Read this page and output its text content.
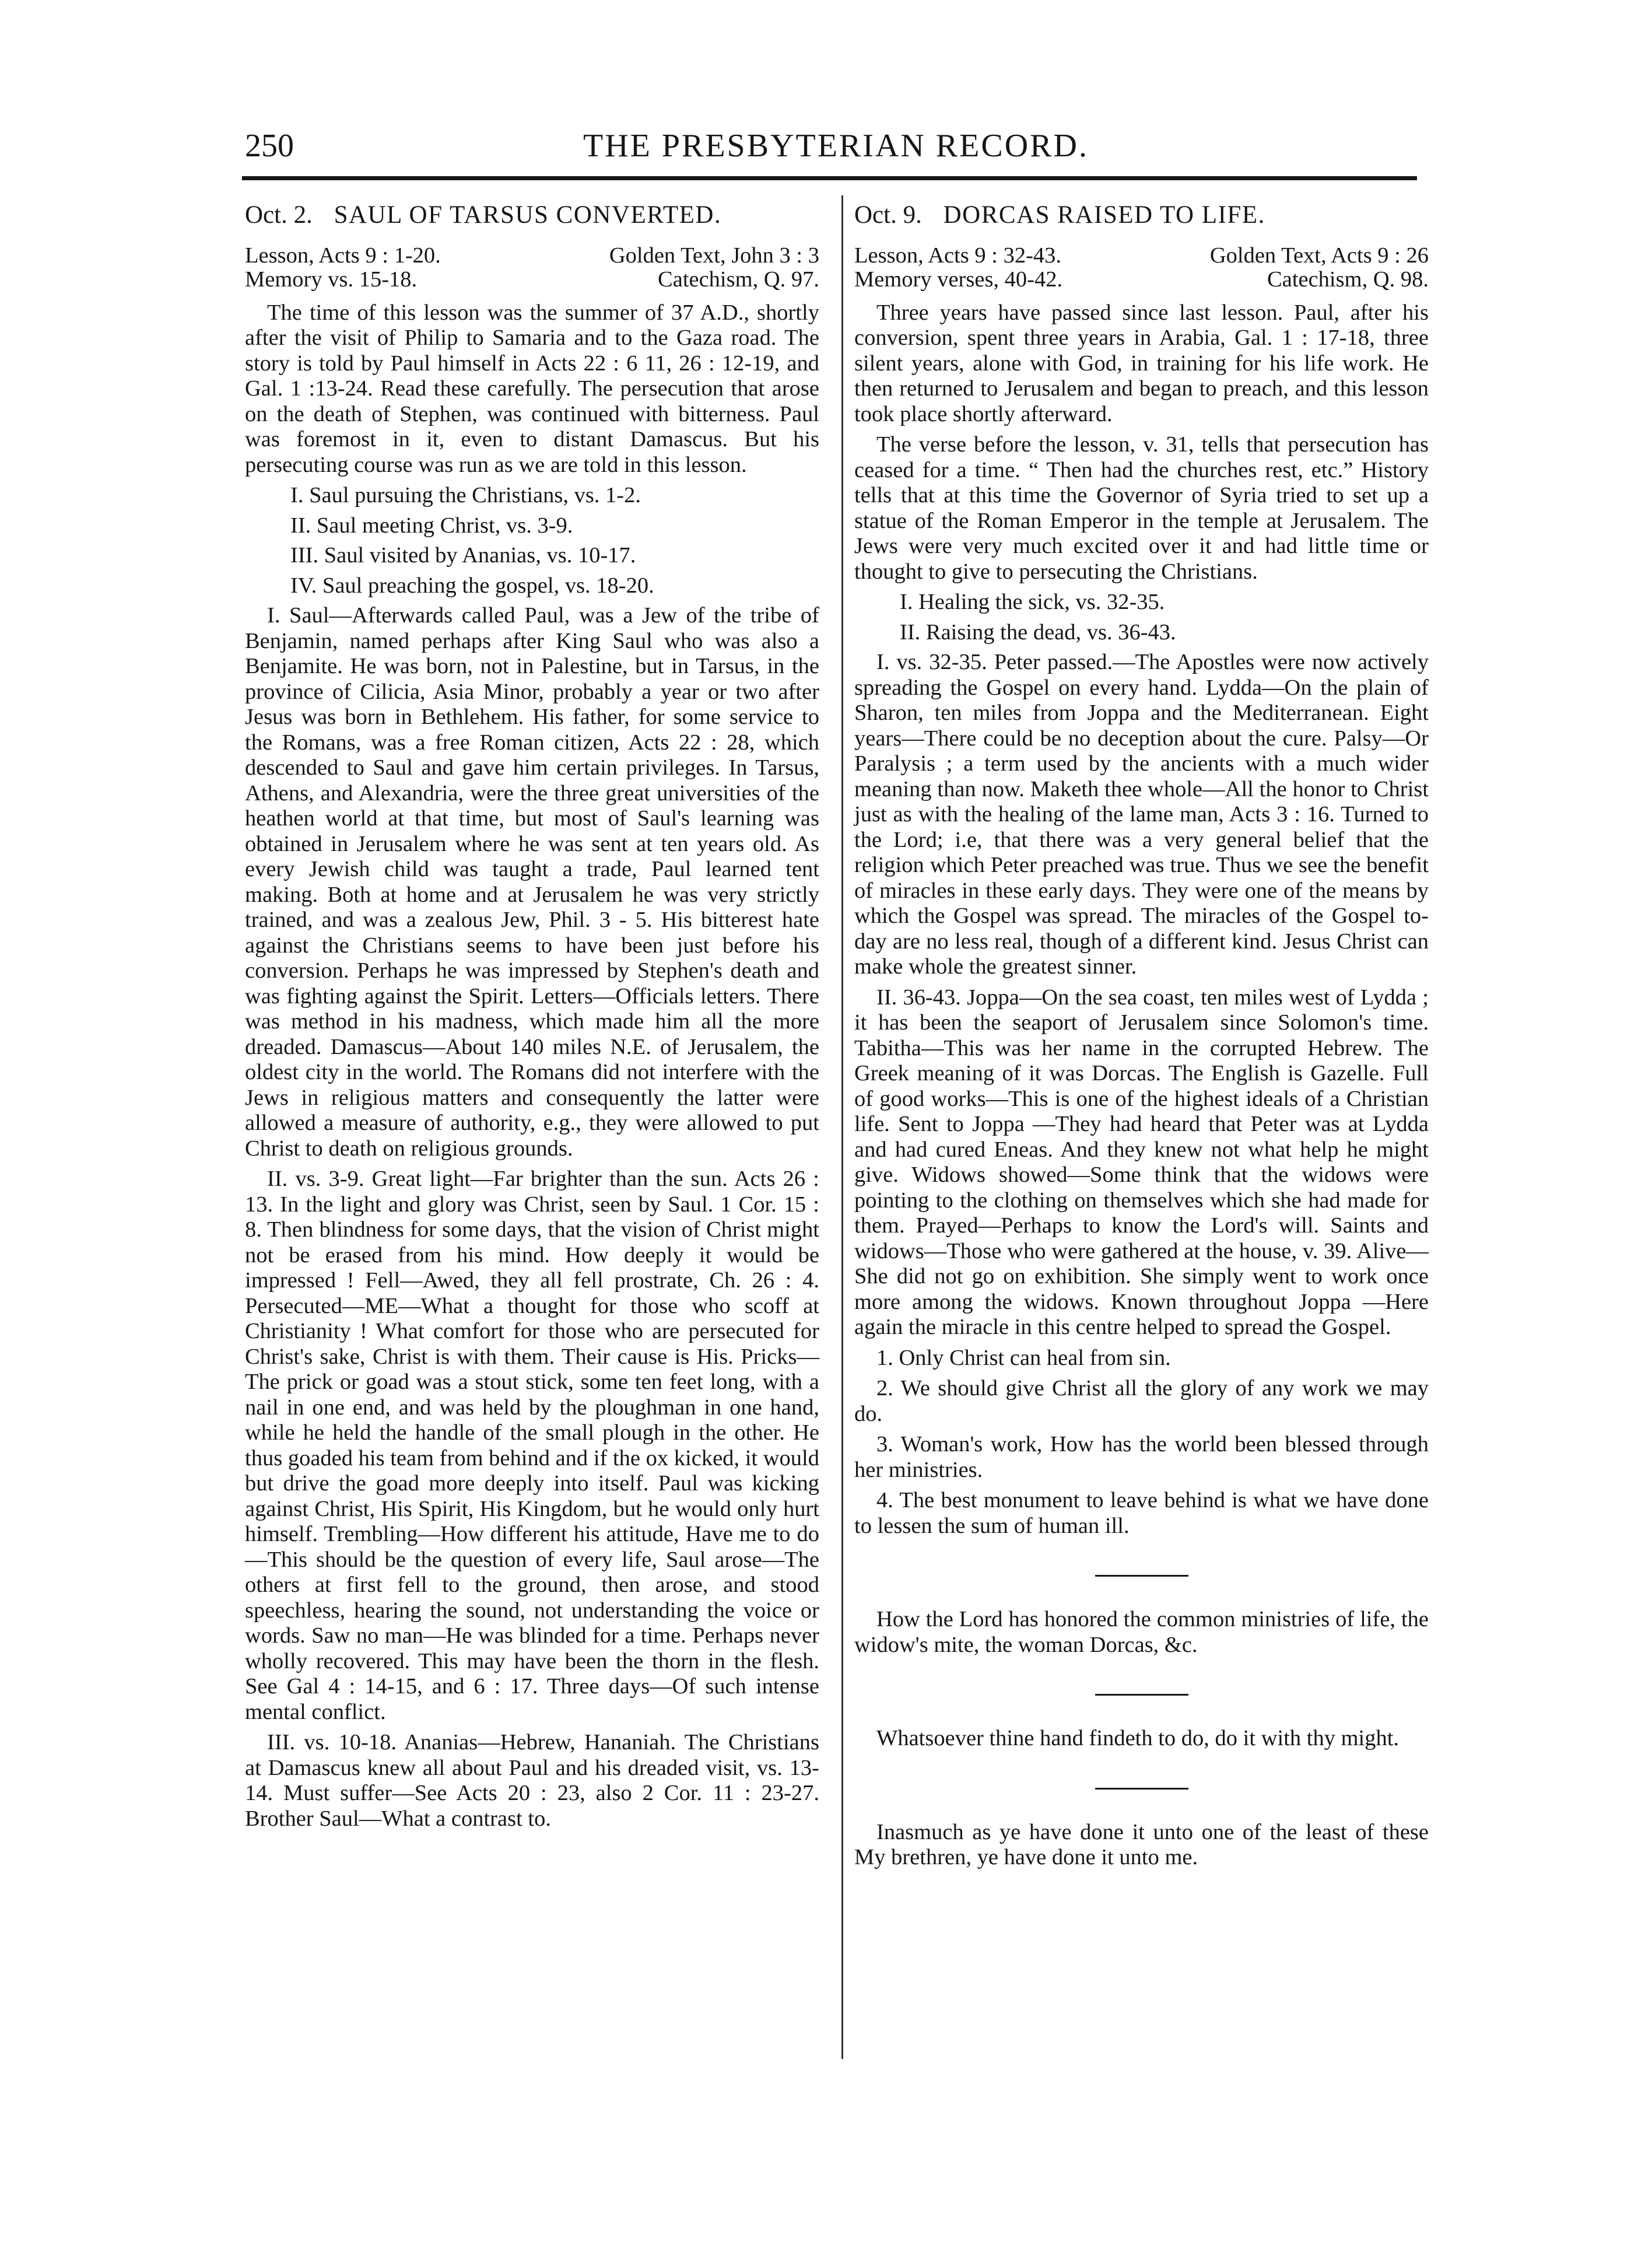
250	THE PRESBYTERIAN RECORD.
Oct. 2. SAUL OF TARSUS CONVERTED.
Lesson, Acts 9 : 1-20.	Golden Text, John 3 : 3
Memory vs. 15-18.	Catechism, Q. 97.

The time of this lesson was the summer of 37 A.D., shortly after the visit of Philip to Samaria and to the Gaza road. The story is told by Paul himself in Acts 22 : 6 11, 26 : 12-19, and Gal. 1 :13-24. Read these carefully. The persecution that arose on the death of Stephen, was continued with bitterness. Paul was foremost in it, even to distant Damascus. But his persecuting course was run as we are told in this lesson.

I. Saul pursuing the Christians, vs. 1-2.
II. Saul meeting Christ, vs. 3-9.
III. Saul visited by Ananias, vs. 10-17.
IV. Saul preaching the gospel, vs. 18-20.

I. Saul—Afterwards called Paul, was a Jew of the tribe of Benjamin, named perhaps after King Saul who was also a Benjamite. He was born, not in Palestine, but in Tarsus, in the province of Cilicia, Asia Minor, probably a year or two after Jesus was born in Bethlehem. His father, for some service to the Romans, was a free Roman citizen, Acts 22 : 28, which descended to Saul and gave him certain privileges. In Tarsus, Athens, and Alexandria, were the three great universities of the heathen world at that time, but most of Saul's learning was obtained in Jerusalem where he was sent at ten years old. As every Jewish child was taught a trade, Paul learned tent making. Both at home and at Jerusalem he was very strictly trained, and was a zealous Jew, Phil. 3 - 5. His bitterest hate against the Christians seems to have been just before his conversion. Perhaps he was impressed by Stephen's death and was fighting against the Spirit. Letters—Officials letters. There was method in his madness, which made him all the more dreaded. Damascus—About 140 miles N.E. of Jerusalem, the oldest city in the world. The Romans did not interfere with the Jews in religious matters and consequently the latter were allowed a measure of authority, e.g., they were allowed to put Christ to death on religious grounds.

II. vs. 3-9. Great light—Far brighter than the sun. Acts 26 : 13. In the light and glory was Christ, seen by Saul. 1 Cor. 15 : 8. Then blindness for some days, that the vision of Christ might not be erased from his mind. How deeply it would be impressed ! Fell—Awed, they all fell prostrate, Ch. 26 : 4. Persecuted—ME—What a thought for those who scoff at Christianity ! What comfort for those who are persecuted for Christ's sake, Christ is with them. Their cause is His. Pricks—The prick or goad was a stout stick, some ten feet long, with a nail in one end, and was held by the ploughman in one hand, while he held the handle of the small plough in the other. He thus goaded his team from behind and if the ox kicked, it would but drive the goad more deeply into itself. Paul was kicking against Christ, His Spirit, His Kingdom, but he would only hurt himself. Trembling—How different his attitude, Have me to do—This should be the question of every life, Saul arose—The others at first fell to the ground, then arose, and stood speechless, hearing the sound, not understanding the voice or words. Saw no man—He was blinded for a time. Perhaps never wholly recovered. This may have been the thorn in the flesh. See Gal 4 : 14-15, and 6 : 17. Three days—Of such intense mental conflict.

III. vs. 10-18. Ananias—Hebrew, Hananiah. The Christians at Damascus knew all about Paul and his dreaded visit, vs. 13-14. Must suffer—See Acts 20 : 23, also 2 Cor. 11 : 23-27. Brother Saul—What a contrast to.

Oct. 9. DORCAS RAISED TO LIFE.
Lesson, Acts 9 : 32-43.	Golden Text, Acts 9 : 26
Memory verses, 40-42.	Catechism, Q. 98.

Three years have passed since last lesson. Paul, after his conversion, spent three years in Arabia, Gal. 1 : 17-18, three silent years, alone with God, in training for his life work. He then returned to Jerusalem and began to preach, and this lesson took place shortly afterward.

The verse before the lesson, v. 31, tells that persecution has ceased for a time. “ Then had the churches rest, etc.” History tells that at this time the Governor of Syria tried to set up a statue of the Roman Emperor in the temple at Jerusalem. The Jews were very much excited over it and had little time or thought to give to persecuting the Christians.

I. Healing the sick, vs. 32-35.
II. Raising the dead, vs. 36-43.

I. vs. 32-35. Peter passed.—The Apostles were now actively spreading the Gospel on every hand. Lydda—On the plain of Sharon, ten miles from Joppa and the Mediterranean. Eight years—There could be no deception about the cure. Palsy—Or Paralysis ; a term used by the ancients with a much wider meaning than now. Maketh thee whole—All the honor to Christ just as with the healing of the lame man, Acts 3 : 16. Turned to the Lord; i.e, that there was a very general belief that the religion which Peter preached was true. Thus we see the benefit of miracles in these early days. They were one of the means by which the Gospel was spread. The miracles of the Gospel to-day are no less real, though of a different kind. Jesus Christ can make whole the greatest sinner.

II. 36-43. Joppa—On the sea coast, ten miles west of Lydda ; it has been the seaport of Jerusalem since Solomon's time. Tabitha—This was her name in the corrupted Hebrew. The Greek meaning of it was Dorcas. The English is Gazelle. Full of good works—This is one of the highest ideals of a Christian life. Sent to Joppa —They had heard that Peter was at Lydda and had cured Eneas. And they knew not what help he might give. Widows showed—Some think that the widows were pointing to the clothing on themselves which she had made for them. Prayed—Perhaps to know the Lord's will. Saints and widows—Those who were gathered at the house, v. 39. Alive—She did not go on exhibition. She simply went to work once more among the widows. Known throughout Joppa —Here again the miracle in this centre helped to spread the Gospel.

1. Only Christ can heal from sin.

2. We should give Christ all the glory of any work we may do.

3. Woman's work, How has the world been blessed through her ministries.

4. The best monument to leave behind is what we have done to lessen the sum of human ill.

How the Lord has honored the common ministries of life, the widow's mite, the woman Dorcas, &c.

Whatsoever thine hand findeth to do, do it with thy might.

Inasmuch as ye have done it unto one of the least of these My brethren, ye have done it unto me.
